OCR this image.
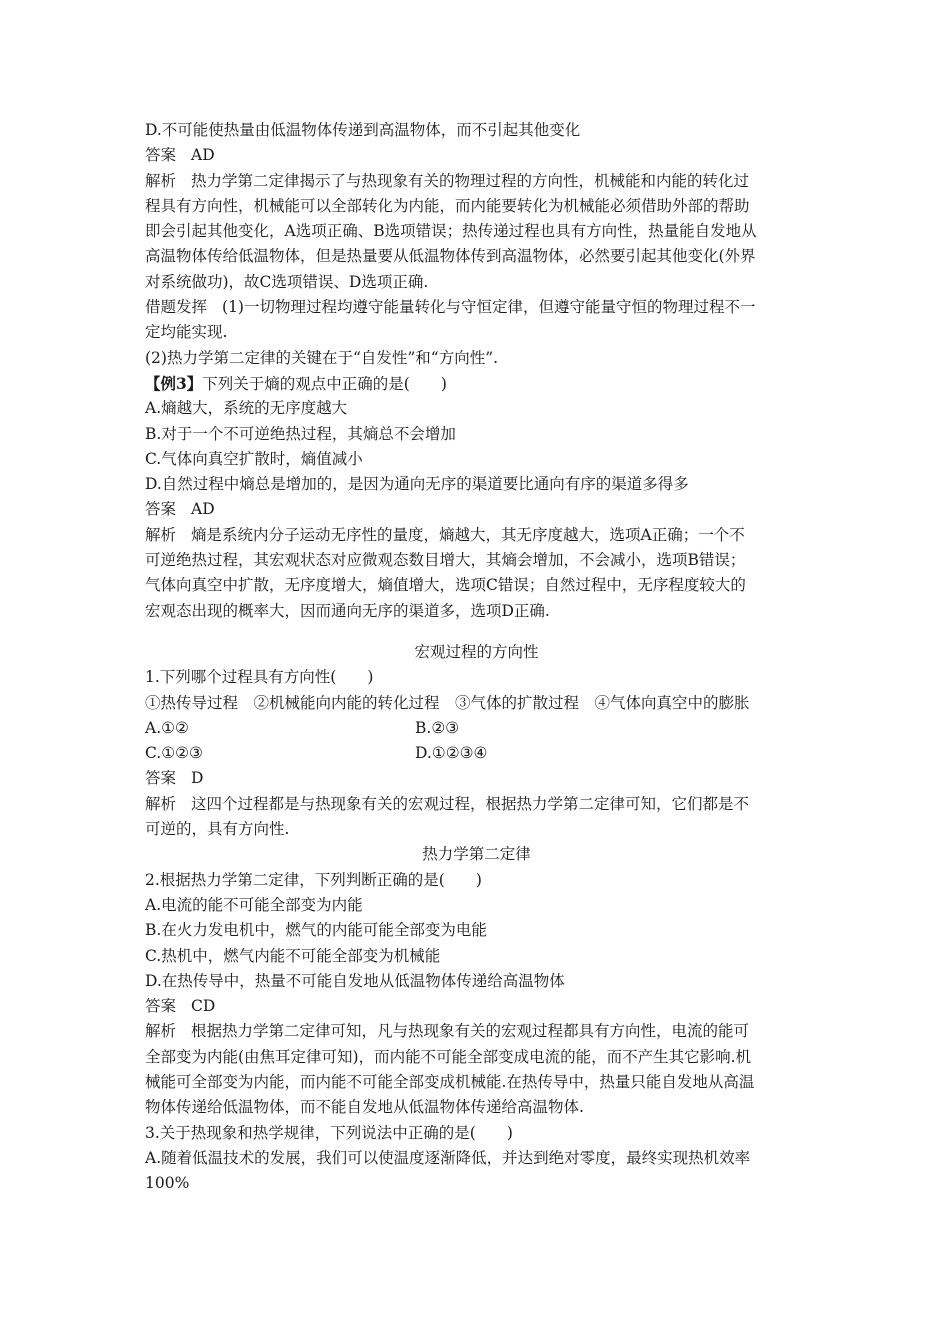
D.不可能使热量由低温物体传递到高温物体，而不引起其他变化
答案 AD
解析 热力学第二定律揭示了与热现象有关的物理过程的方向性，机械能和内能的转化过
程具有方向性，机械能可以全部转化为内能，而内能要转化为机械能必须借助外部的帮助
即会引起其他变化，A选项正确、B选项错误；热传递过程也具有方向性，热量能自发地从
高温物体传给低温物体，但是热量要从低温物体传到高温物体，必然要引起其他变化(外界
对系统做功)，故C选项错误、D选项正确.
借题发挥 (1)一切物理过程均遵守能量转化与守恒定律，但遵守能量守恒的物理过程不一
定均能实现.
(2)热力学第二定律的关键在于“自发性”和“方向性”.
【例3】下列关于熵的观点中正确的是(　　)
A.熵越大，系统的无序度越大
B.对于一个不可逆绝热过程，其熵总不会增加
C.气体向真空扩散时，熵值减小
D.自然过程中熵总是增加的，是因为通向无序的渠道要比通向有序的渠道多得多
答案 AD
解析 熵是系统内分子运动无序性的量度，熵越大，其无序度越大，选项A正确；一个不
可逆绝热过程，其宏观状态对应微观态数目增大，其熵会增加，不会减小，选项B错误；
气体向真空中扩散，无序度增大，熵值增大，选项C错误；自然过程中，无序程度较大的
宏观态出现的概率大，因而通向无序的渠道多，选项D正确.
宏观过程的方向性
1.下列哪个过程具有方向性(　　)
①热传导过程　②机械能向内能的转化过程　③气体的扩散过程　④气体向真空中的膨胀
A.①②	B.②③
C.①②③	D.①②③④
答案 D
解析 这四个过程都是与热现象有关的宏观过程，根据热力学第二定律可知，它们都是不
可逆的，具有方向性.
热力学第二定律
2.根据热力学第二定律，下列判断正确的是(　　)
A.电流的能不可能全部变为内能
B.在火力发电机中，燃气的内能可能全部变为电能
C.热机中，燃气内能不可能全部变为机械能
D.在热传导中，热量不可能自发地从低温物体传递给高温物体
答案 CD
解析 根据热力学第二定律可知，凡与热现象有关的宏观过程都具有方向性，电流的能可
全部变为内能(由焦耳定律可知)，而内能不可能全部变成电流的能，而不产生其它影响.机
械能可全部变为内能，而内能不可能全部变成机械能.在热传导中，热量只能自发地从高温
物体传递给低温物体，而不能自发地从低温物体传递给高温物体.
3.关于热现象和热学规律，下列说法中正确的是(　　)
A.随着低温技术的发展，我们可以使温度逐渐降低，并达到绝对零度，最终实现热机效率
100%
